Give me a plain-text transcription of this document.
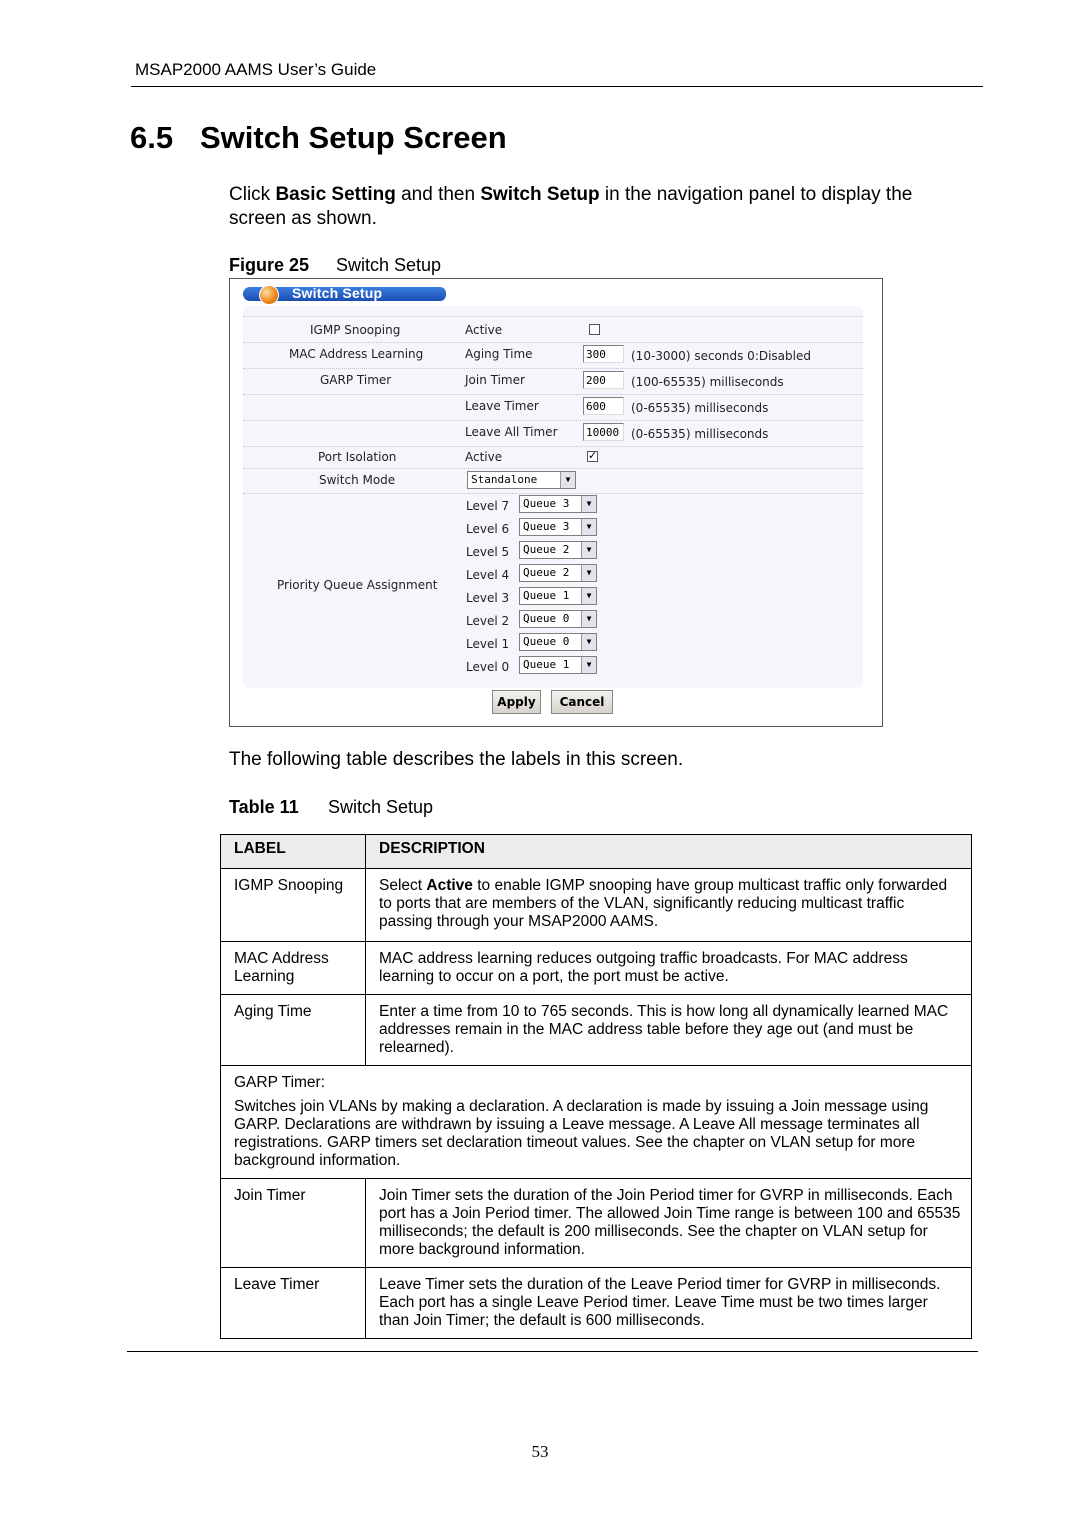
MSAP2000 AAMS User’s Guide
6.5 Switch Setup Screen
Click Basic Setting and then Switch Setup in the navigation panel to display the screen as shown.
Figure 25 Switch Setup
Switch Setup
IGMP Snooping	Active
MAC Address Learning	Aging Time	300	(10-3000) seconds 0:Disabled
GARP Timer	Join Timer	200	(100-65535) milliseconds
Leave Timer	600	(0-65535) milliseconds
Leave All Timer	10000 (0-65535) milliseconds
Port Isolation	Active	✓
Switch Mode	Standalone	▼
Priority Queue Assignment
Level 7	Queue 3	▼
Level 6	Queue 3	▼
Level 5	Queue 2	▼
Level 4	Queue 2	▼
Level 3	Queue 1	▼
Level 2	Queue 0	▼
Level 1	Queue 0	▼
Level 0	Queue 1	▼
Apply	Cancel
The following table describes the labels in this screen.
Table 11 Switch Setup
LABEL	DESCRIPTION
IGMP Snooping	Select Active to enable IGMP snooping have group multicast traffic only forwarded to ports that are members of the VLAN, significantly reducing multicast traffic passing through your MSAP2000 AAMS.
MAC Address Learning	MAC address learning reduces outgoing traffic broadcasts. For MAC address learning to occur on a port, the port must be active.
Aging Time	Enter a time from 10 to 765 seconds. This is how long all dynamically learned MAC addresses remain in the MAC address table before they age out (and must be relearned).

GARP Timer:

Switches join VLANs by making a declaration. A declaration is made by issuing a Join message using GARP. Declarations are withdrawn by issuing a Leave message. A Leave All message terminates all registrations. GARP timers set declaration timeout values. See the chapter on VLAN setup for more background information.	

Join Timer	Join Timer sets the duration of the Join Period timer for GVRP in milliseconds. Each port has a Join Period timer. The allowed Join Time range is between 100 and 65535 milliseconds; the default is 200 milliseconds. See the chapter on VLAN setup for more background information.
Leave Timer	Leave Timer sets the duration of the Leave Period timer for GVRP in milliseconds. Each port has a single Leave Period timer. Leave Time must be two times larger than Join Timer; the default is 600 milliseconds.
53
